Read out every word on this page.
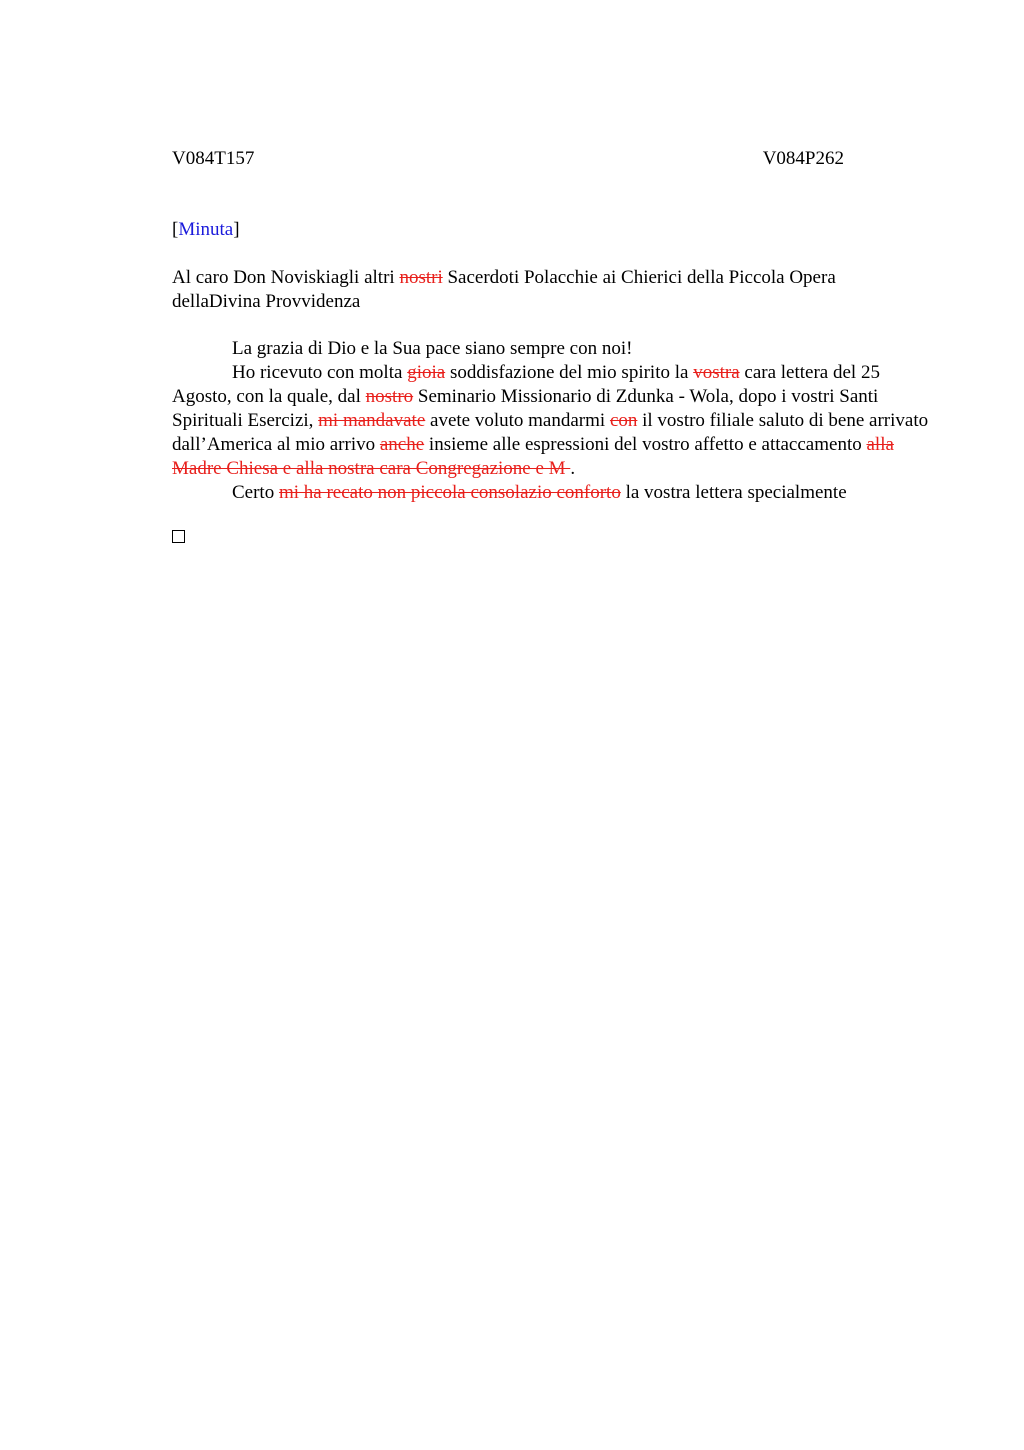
V084T157	V084P262
[Minuta]
Al caro Don Noviskiagli altri nostri Sacerdoti Polacchie ai Chierici della Piccola Opera dellaDivina Provvidenza

La grazia di Dio e la Sua pace siano sempre con noi!

Ho ricevuto con molta gioia soddisfazione del mio spirito la vostra cara lettera del 25 Agosto, con la quale, dal nostro Seminario Missionario di Zdunka - Wola, dopo i vostri Santi Spirituali Esercizi, mi mandavate avete voluto mandarmi con il vostro filiale saluto di bene arrivato dall’America al mio arrivo anche insieme alle espressioni del vostro affetto e attaccamento alla Madre Chiesa e alla nostra cara Congregazione e M .

Certo mi ha recato non piccola consolazio conforto la vostra lettera specialmente
